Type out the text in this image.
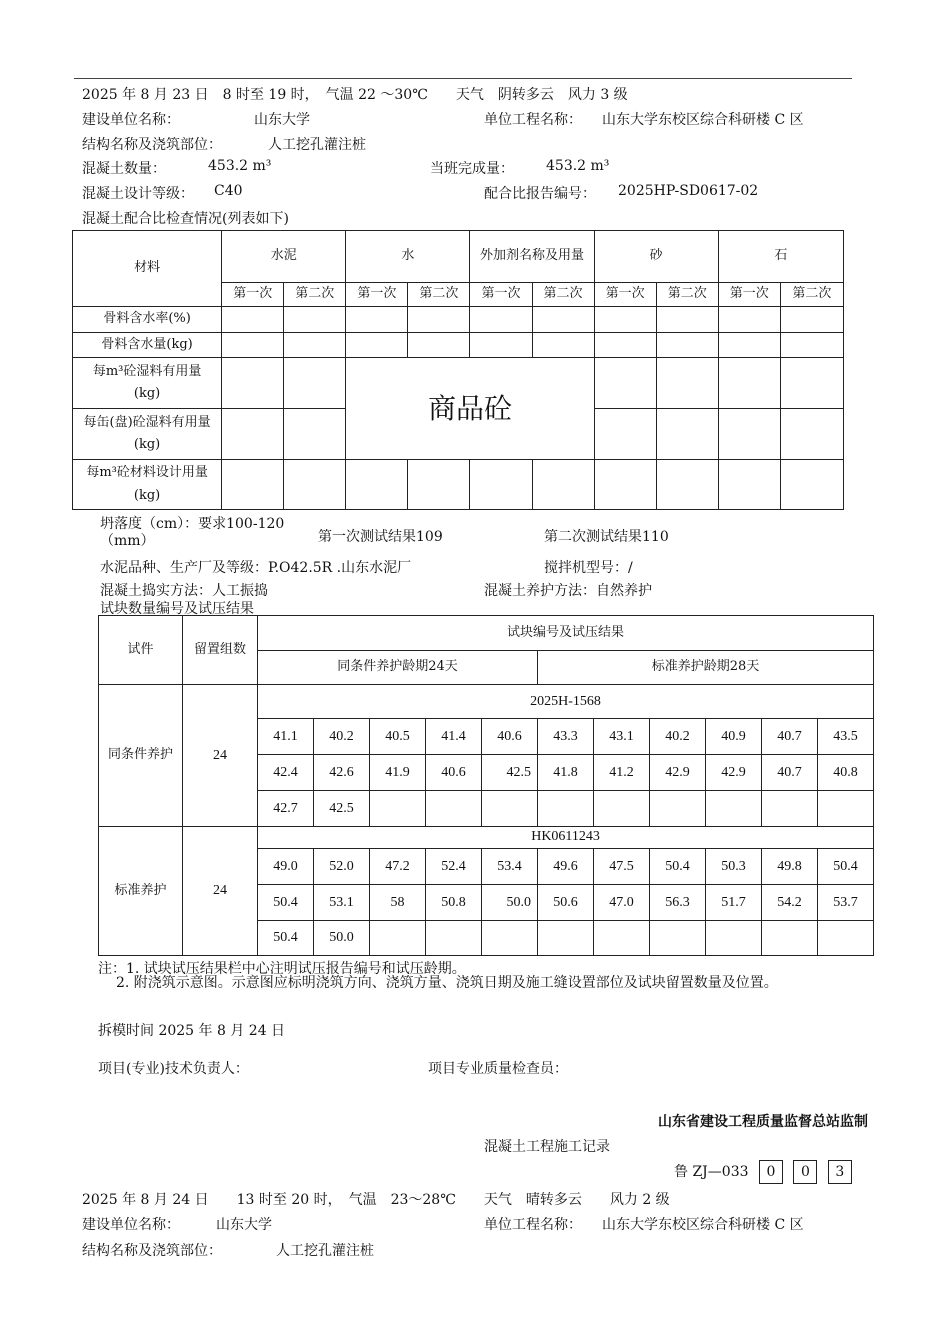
2025 年 8 月 23 日　8 时至 19 时，　气温 22 ～30℃　　天气　阴转多云　风力 3 级
建设单位名称：	山东大学	单位工程名称： 山东大学东校区综合科研楼 C 区
结构名称及浇筑部位：	人工挖孔灌注桩
混凝土数量：	453.2 m³	当班完成量： 453.2 m³
混凝土设计等级： C40	配合比报告编号： 2025HP-SD0617-02
混凝土配合比检查情况(列表如下)
材料	水泥		水		外加剂名称及用量		砂		石	
	第一次	第二次	第一次	第二次	第一次	第二次	第一次	第二次	第一次	第二次
骨料含水率(%)										
骨料含水量(kg)										
每m³砼湿料有用量(kg)			商品砼							
每缶(盘)砼湿料有用量(kg)										
每m³砼材料设计用量(kg)										
坍落度（cm）：要求100-120（mm）	第一次测试结果109	第二次测试结果110
水泥品种、生产厂及等级：P.O42.5R .山东水泥厂	搅拌机型号：/
混凝土捣实方法：人工振捣	混凝土养护方法：自然养护
试块数量编号及试压结果
试件	留置组数	试块编号及试压结果										
		同条件养护龄期24天					标准养护龄期28天					
同条件养护	24	2025H-1568										
		41.1	40.2	40.5	41.4	40.6	43.3	43.1	40.2	40.9	40.7	43.5
		42.4	42.6	41.9	40.6	42.5	41.8	41.2	42.9	42.9	40.7	40.8
		42.7	42.5									
标准养护	24	HK0611243										
		49.0	52.0	47.2	52.4	53.4	49.6	47.5	50.4	50.3	49.8	50.4
		50.4	53.1	58	50.8	50.0	50.6	47.0	56.3	51.7	54.2	53.7
		50.4	50.0									
注：1. 试块试压结果栏中心注明试压报告编号和试压龄期。
2. 附浇筑示意图。示意图应标明浇筑方向、浇筑方量、浇筑日期及施工缝设置部位及试块留置数量及位置。
拆模时间 2025 年 8 月 24 日
项目(专业)技术负责人：	项目专业质量检查员：
山东省建设工程质量监督总站监制
混凝土工程施工记录
鲁 ZJ—033 0 0 3
2025 年 8 月 24 日　　13 时至 20 时，　气温　23～28℃　　天气　晴转多云　　风力 2 级
建设单位名称：	山东大学	单位工程名称： 山东大学东校区综合科研楼 C 区
结构名称及浇筑部位：	人工挖孔灌注桩
